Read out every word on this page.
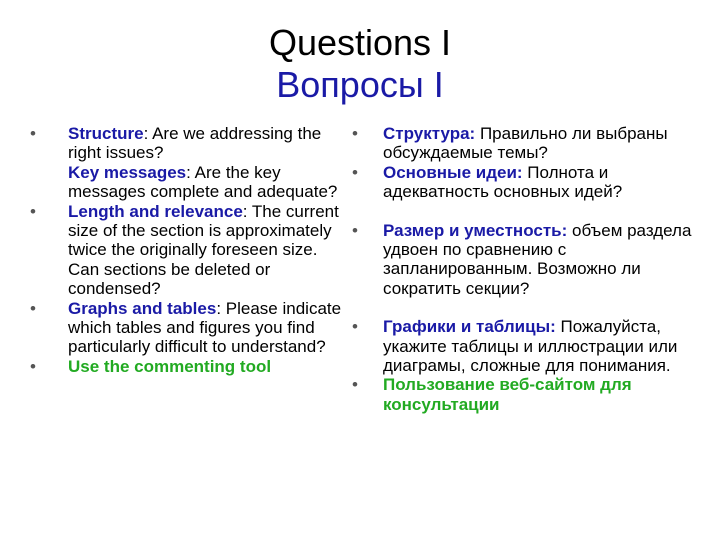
Questions I
Вопросы I
•	Structure: Are we addressing the right issues?
Key messages: Are the key messages complete and adequate?
•	Length and relevance: The current size of the section is approximately twice the originally foreseen size. Can sections be deleted or condensed?
•	Graphs and tables: Please indicate which tables and figures you find particularly difficult to understand?
•	Use the commenting tool
•	Структура: Правильно ли выбраны обсуждаемые темы?
•	Основные идеи: Полнота и адекватность основных идей?
•	Размер и уместность: объем раздела удвоен по сравнению с запланированным. Возможно ли сократить секции?
•	Графики и таблицы: Пожалуйста, укажите таблицы и иллюстрации или диаграмы, сложные для понимания.
•	Пользование веб-сайтом для консультации
